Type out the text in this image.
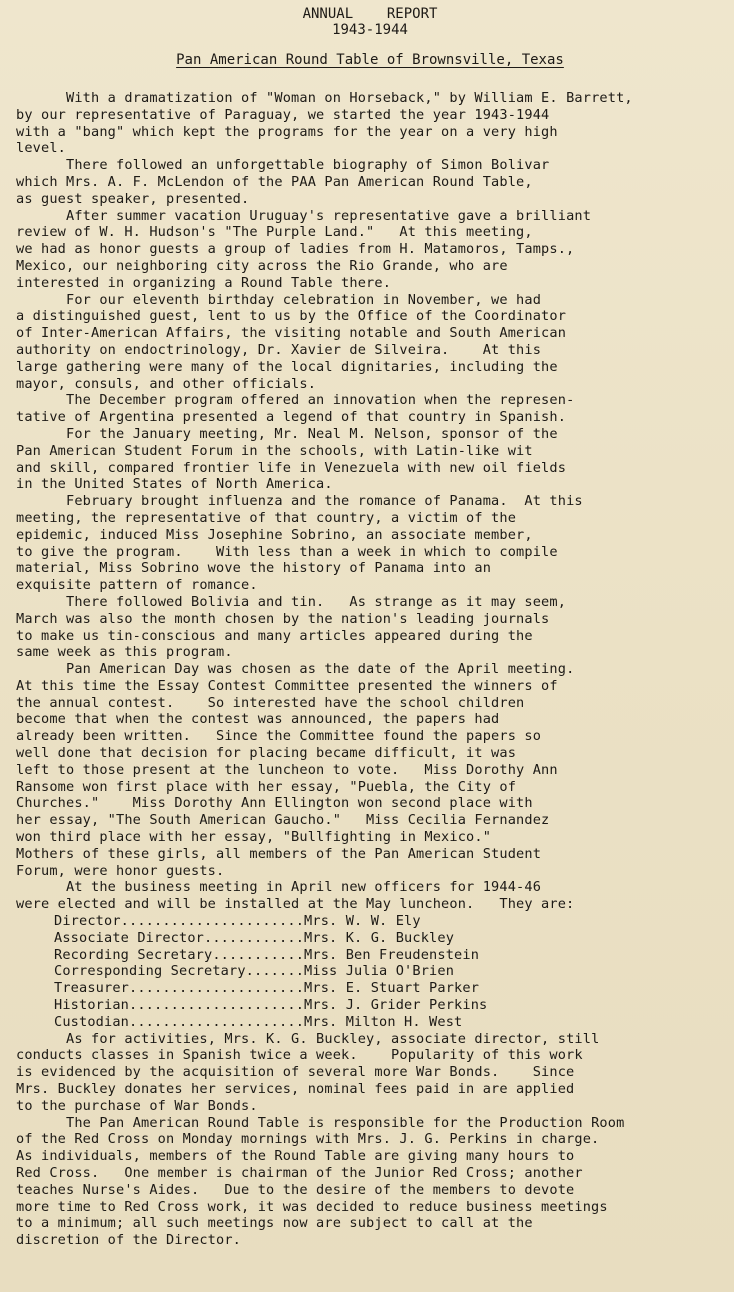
ANNUAL    REPORT
1943-1944
Pan American Round Table of Brownsville, Texas

With a dramatization of "Woman on Horseback," by William E. Barrett,
by our representative of Paraguay, we started the year 1943-1944
with a "bang" which kept the programs for the year on a very high
level.

There followed an unforgettable biography of Simon Bolivar
which Mrs. A. F. McLendon of the PAA Pan American Round Table,
as guest speaker, presented.

After summer vacation Uruguay's representative gave a brilliant
review of W. H. Hudson's "The Purple Land."   At this meeting,
we had as honor guests a group of ladies from H. Matamoros, Tamps.,
Mexico, our neighboring city across the Rio Grande, who are
interested in organizing a Round Table there.

For our eleventh birthday celebration in November, we had
a distinguished guest, lent to us by the Office of the Coordinator
of Inter-American Affairs, the visiting notable and South American
authority on endoctrinology, Dr. Xavier de Silveira.    At this
large gathering were many of the local dignitaries, including the
mayor, consuls, and other officials.

The December program offered an innovation when the represen-
tative of Argentina presented a legend of that country in Spanish.

For the January meeting, Mr. Neal M. Nelson, sponsor of the
Pan American Student Forum in the schools, with Latin-like wit
and skill, compared frontier life in Venezuela with new oil fields
in the United States of North America.

February brought influenza and the romance of Panama.  At this
meeting, the representative of that country, a victim of the
epidemic, induced Miss Josephine Sobrino, an associate member,
to give the program.    With less than a week in which to compile
material, Miss Sobrino wove the history of Panama into an
exquisite pattern of romance.

There followed Bolivia and tin.   As strange as it may seem,
March was also the month chosen by the nation's leading journals
to make us tin-conscious and many articles appeared during the
same week as this program.

Pan American Day was chosen as the date of the April meeting.
At this time the Essay Contest Committee presented the winners of
the annual contest.    So interested have the school children
become that when the contest was announced, the papers had
already been written.   Since the Committee found the papers so
well done that decision for placing became difficult, it was
left to those present at the luncheon to vote.   Miss Dorothy Ann
Ransome won first place with her essay, "Puebla, the City of
Churches."    Miss Dorothy Ann Ellington won second place with
her essay, "The South American Gaucho."   Miss Cecilia Fernandez
won third place with her essay, "Bullfighting in Mexico."
Mothers of these girls, all members of the Pan American Student
Forum, were honor guests.

At the business meeting in April new officers for 1944-46
were elected and will be installed at the May luncheon.   They are:

Director...................... Mrs. W. W. Ely
Associate Director............ Mrs. K. G. Buckley
Recording Secretary........... Mrs. Ben Freudenstein
Corresponding Secretary....... Miss Julia O'Brien
Treasurer..................... Mrs. E. Stuart Parker
Historian..................... Mrs. J. Grider Perkins
Custodian..................... Mrs. Milton H. West

As for activities, Mrs. K. G. Buckley, associate director, still
conducts classes in Spanish twice a week.    Popularity of this work
is evidenced by the acquisition of several more War Bonds.    Since
Mrs. Buckley donates her services, nominal fees paid in are applied
to the purchase of War Bonds.

The Pan American Round Table is responsible for the Production Room
of the Red Cross on Monday mornings with Mrs. J. G. Perkins in charge.
As individuals, members of the Round Table are giving many hours to
Red Cross.   One member is chairman of the Junior Red Cross; another
teaches Nurse's Aides.   Due to the desire of the members to devote
more time to Red Cross work, it was decided to reduce business meetings
to a minimum; all such meetings now are subject to call at the
discretion of the Director.
